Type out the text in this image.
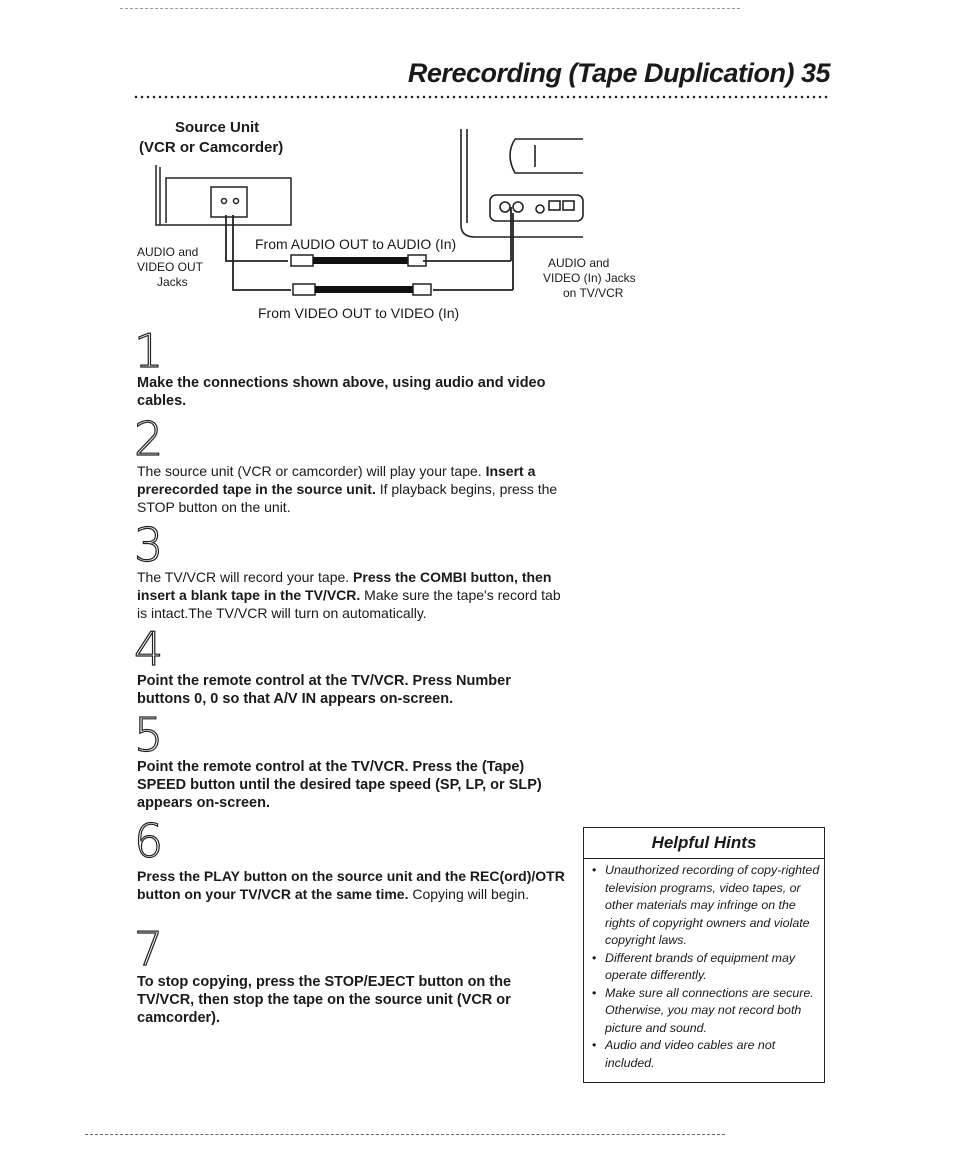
Rerecording (Tape Duplication) 35
Source Unit
(VCR or Camcorder)
AUDIO and
VIDEO OUT
Jacks
From AUDIO OUT to AUDIO (In)
From VIDEO OUT to VIDEO (In)
AUDIO and
VIDEO (In) Jacks
on TV/VCR
1
Make the connections shown above, using audio and video cables.
2
The source unit (VCR or camcorder) will play your tape. Insert a prerecorded tape in the source unit. If playback begins, press the STOP button on the unit.
3
The TV/VCR will record your tape. Press the COMBI button, then insert a blank tape in the TV/VCR. Make sure the tape's record tab is intact.The TV/VCR will turn on automatically.
4
Point the remote control at the TV/VCR. Press Number buttons 0, 0 so that A/V IN appears on-screen.
5
Point the remote control at the TV/VCR. Press the (Tape) SPEED button until the desired tape speed (SP, LP, or SLP) appears on-screen.
6
Press the PLAY button on the source unit and the REC(ord)/OTR button on your TV/VCR at the same time. Copying will begin.
7
To stop copying, press the STOP/EJECT button on the TV/VCR, then stop the tape on the source unit (VCR or camcorder).
Helpful Hints
• Unauthorized recording of copy-righted television programs, video tapes, or other materials may infringe on the rights of copyright owners and violate copyright laws.
• Different brands of equipment may operate differently.
• Make sure all connections are secure. Otherwise, you may not record both picture and sound.
• Audio and video cables are not included.
